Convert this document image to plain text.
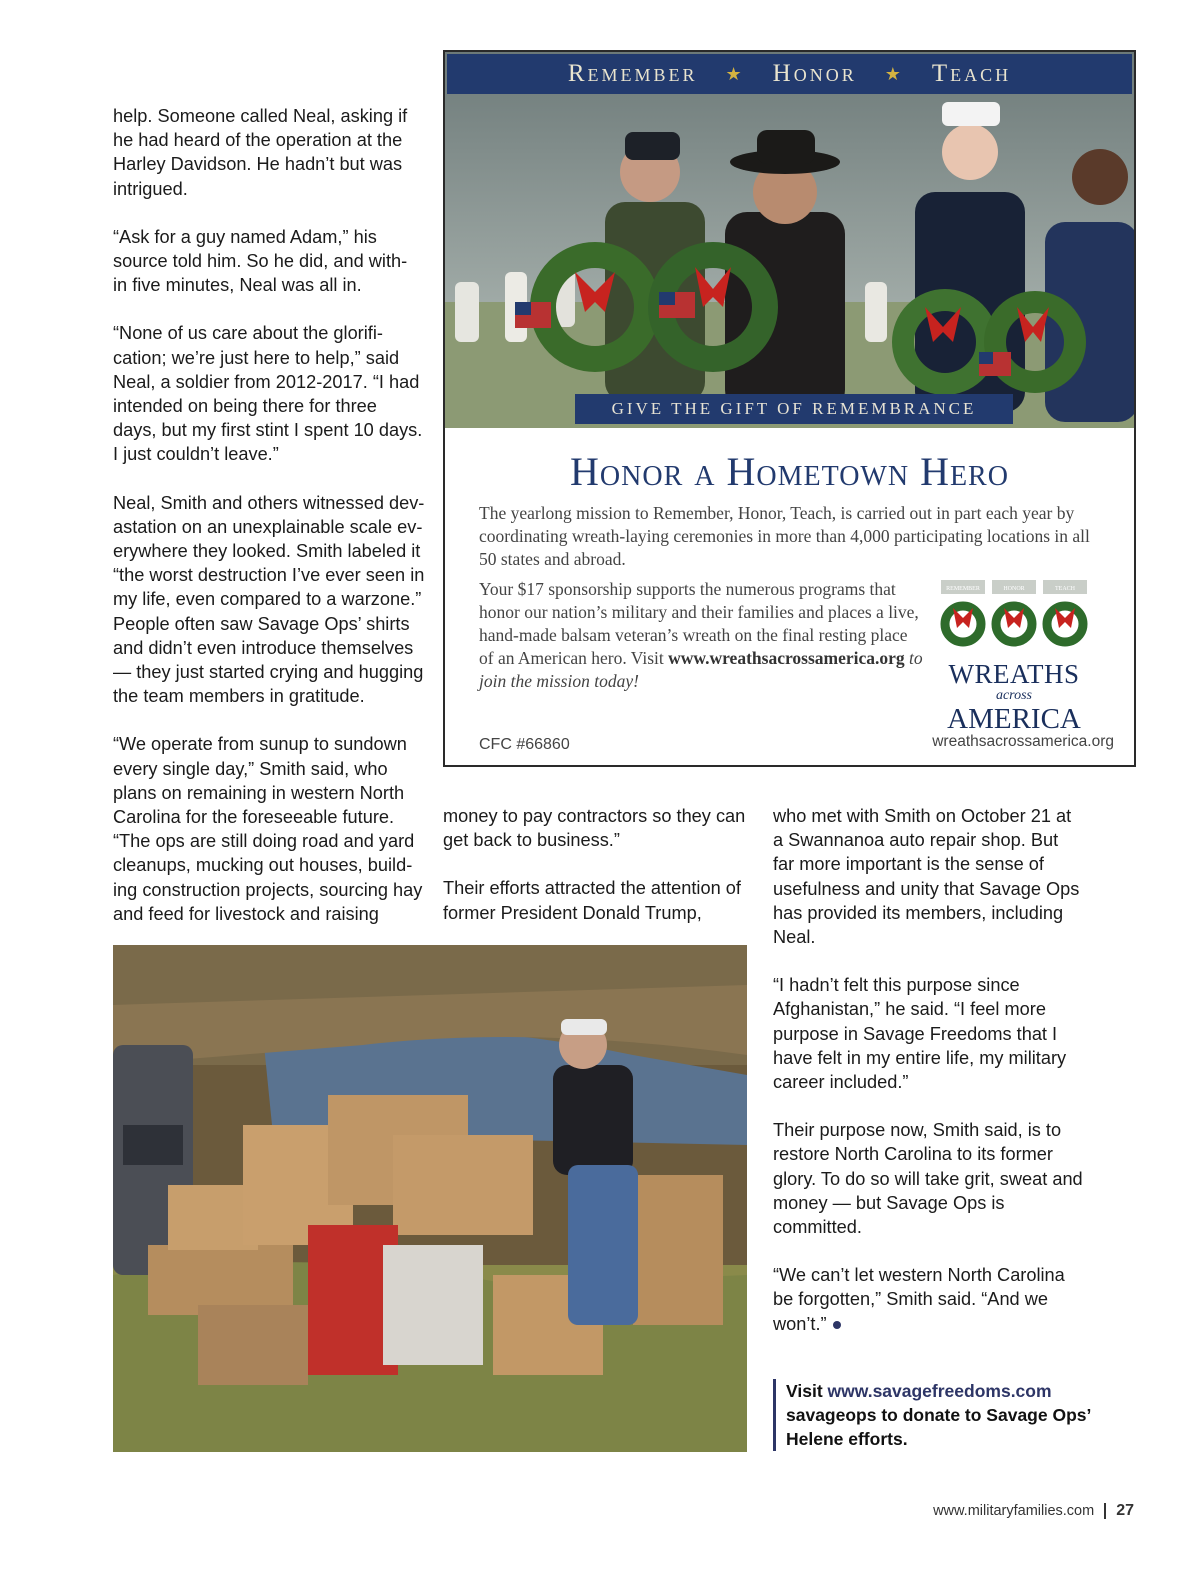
help. Someone called Neal, asking if he had heard of the operation at the Harley Davidson. He hadn’t but was intrigued.

“Ask for a guy named Adam,” his source told him. So he did, and with- in five minutes, Neal was all in.

“None of us care about the glorifi- cation; we’re just here to help,” said Neal, a soldier from 2012-2017. “I had intended on being there for three days, but my first stint I spent 10 days. I just couldn’t leave.”

Neal, Smith and others witnessed dev- astation on an unexplainable scale ev- erywhere they looked. Smith labeled it “the worst destruction I’ve ever seen in my life, even compared to a warzone.” People often saw Savage Ops’ shirts and didn’t even introduce themselves — they just started crying and hugging the team members in gratitude.

“We operate from sunup to sundown every single day,” Smith said, who plans on remaining in western North Carolina for the foreseeable future. “The ops are still doing road and yard cleanups, mucking out houses, build- ing construction projects, sourcing hay and feed for livestock and raising

Remember ★ Honor ★ Teach
GIVE THE GIFT OF REMEMBRANCE
Honor a Hometown Hero
The yearlong mission to Remember, Honor, Teach, is carried out in part each year by coordinating wreath-laying ceremonies in more than 4,000 participating locations in all 50 states and abroad.
Your $17 sponsorship supports the numerous programs that honor our nation’s military and their families and places a live, hand-made balsam veteran’s wreath on the final resting place of an American hero. Visit www.wreathsacrossamerica.org to join the mission today!
REMEMBER	HONOR	TEACH
WREATHS
across
AMERICA
CFC #66860	wreathsacrossamerica.org

money to pay contractors so they can get back to business.”

Their efforts attracted the attention of former President Donald Trump,

who met with Smith on October 21 at a Swannanoa auto repair shop. But far more important is the sense of usefulness and unity that Savage Ops has provided its members, including Neal.

“I hadn’t felt this purpose since Afghanistan,” he said. “I feel more purpose in Savage Freedoms that I have felt in my entire life, my military career included.”

Their purpose now, Smith said, is to restore North Carolina to its former glory. To do so will take grit, sweat and money — but Savage Ops is committed.

“We can’t let western North Carolina be forgotten,” Smith said. “And we won’t.”

Visit www.savagefreedoms.com savageops to donate to Savage Ops’ Helene efforts.
www.militaryfamilies.com 27
